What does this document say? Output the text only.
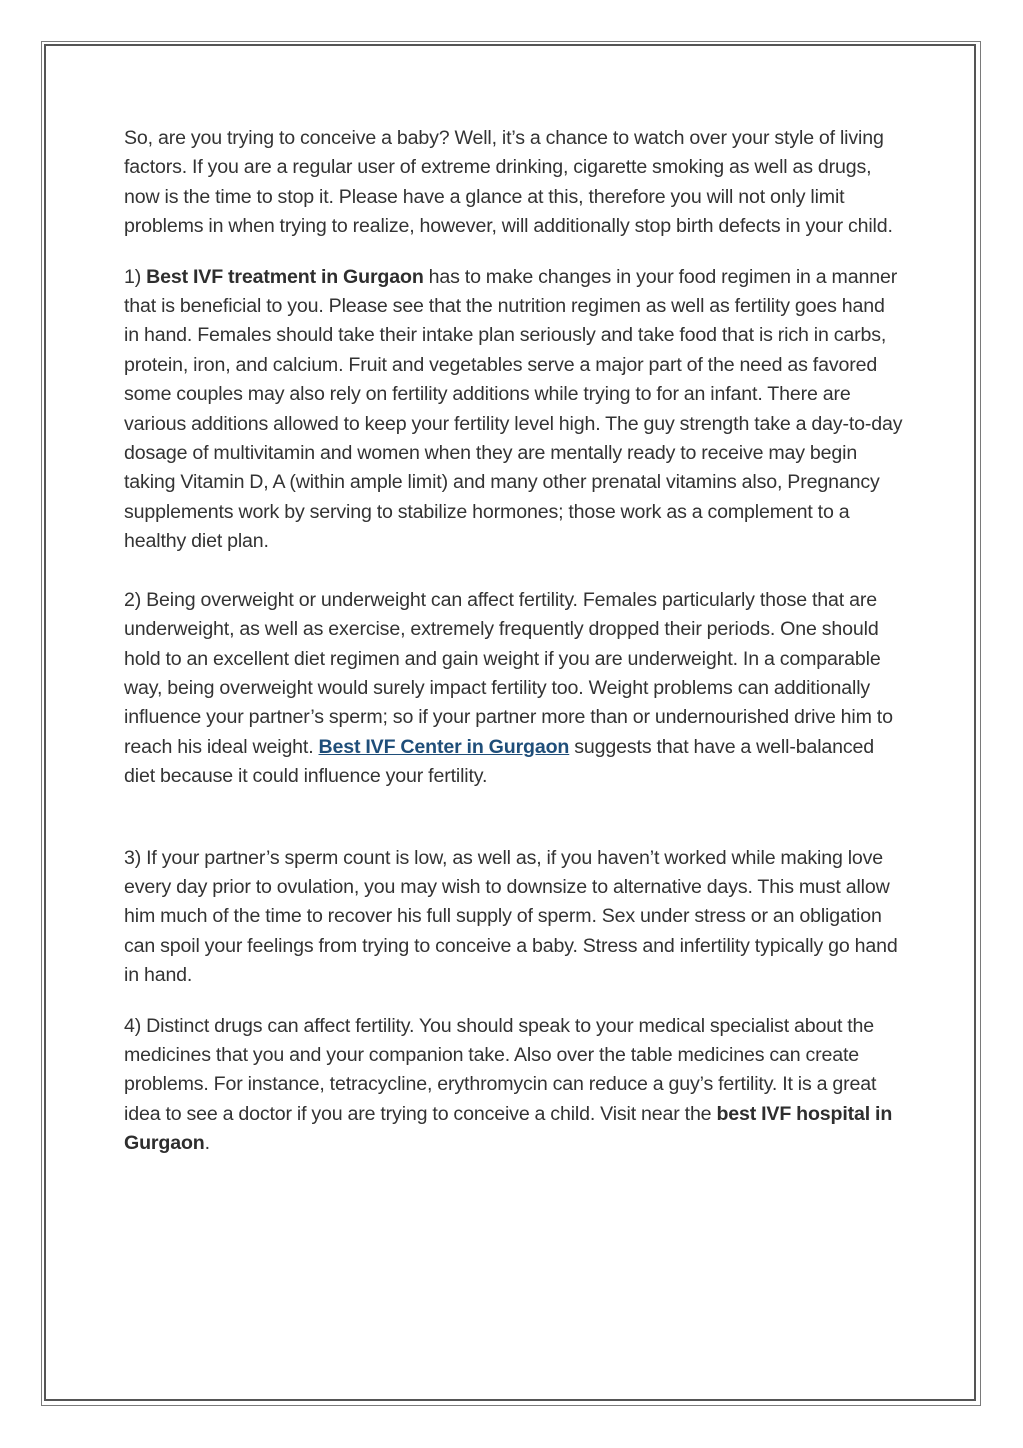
So, are you trying to conceive a baby? Well, it’s a chance to watch over your style of living factors. If you are a regular user of extreme drinking, cigarette smoking as well as drugs, now is the time to stop it. Please have a glance at this, therefore you will not only limit problems in when trying to realize, however, will additionally stop birth defects in your child.

1) Best IVF treatment in Gurgaon has to make changes in your food regimen in a manner that is beneficial to you. Please see that the nutrition regimen as well as fertility goes hand in hand. Females should take their intake plan seriously and take food that is rich in carbs, protein, iron, and calcium. Fruit and vegetables serve a major part of the need as favored some couples may also rely on fertility additions while trying to for an infant. There are various additions allowed to keep your fertility level high. The guy strength take a day-to-day dosage of multivitamin and women when they are mentally ready to receive may begin taking Vitamin D, A (within ample limit) and many other prenatal vitamins also, Pregnancy supplements work by serving to stabilize hormones; those work as a complement to a healthy diet plan.

2) Being overweight or underweight can affect fertility. Females particularly those that are underweight, as well as exercise, extremely frequently dropped their periods. One should hold to an excellent diet regimen and gain weight if you are underweight. In a comparable way, being overweight would surely impact fertility too. Weight problems can additionally influence your partner’s sperm; so if your partner more than or undernourished drive him to reach his ideal weight. Best IVF Center in Gurgaon suggests that have a well-balanced diet because it could influence your fertility.

3) If your partner’s sperm count is low, as well as, if you haven’t worked while making love every day prior to ovulation, you may wish to downsize to alternative days. This must allow him much of the time to recover his full supply of sperm. Sex under stress or an obligation can spoil your feelings from trying to conceive a baby. Stress and infertility typically go hand in hand.

4) Distinct drugs can affect fertility. You should speak to your medical specialist about the medicines that you and your companion take. Also over the table medicines can create problems. For instance, tetracycline, erythromycin can reduce a guy’s fertility. It is a great idea to see a doctor if you are trying to conceive a child. Visit near the best IVF hospital in Gurgaon.
